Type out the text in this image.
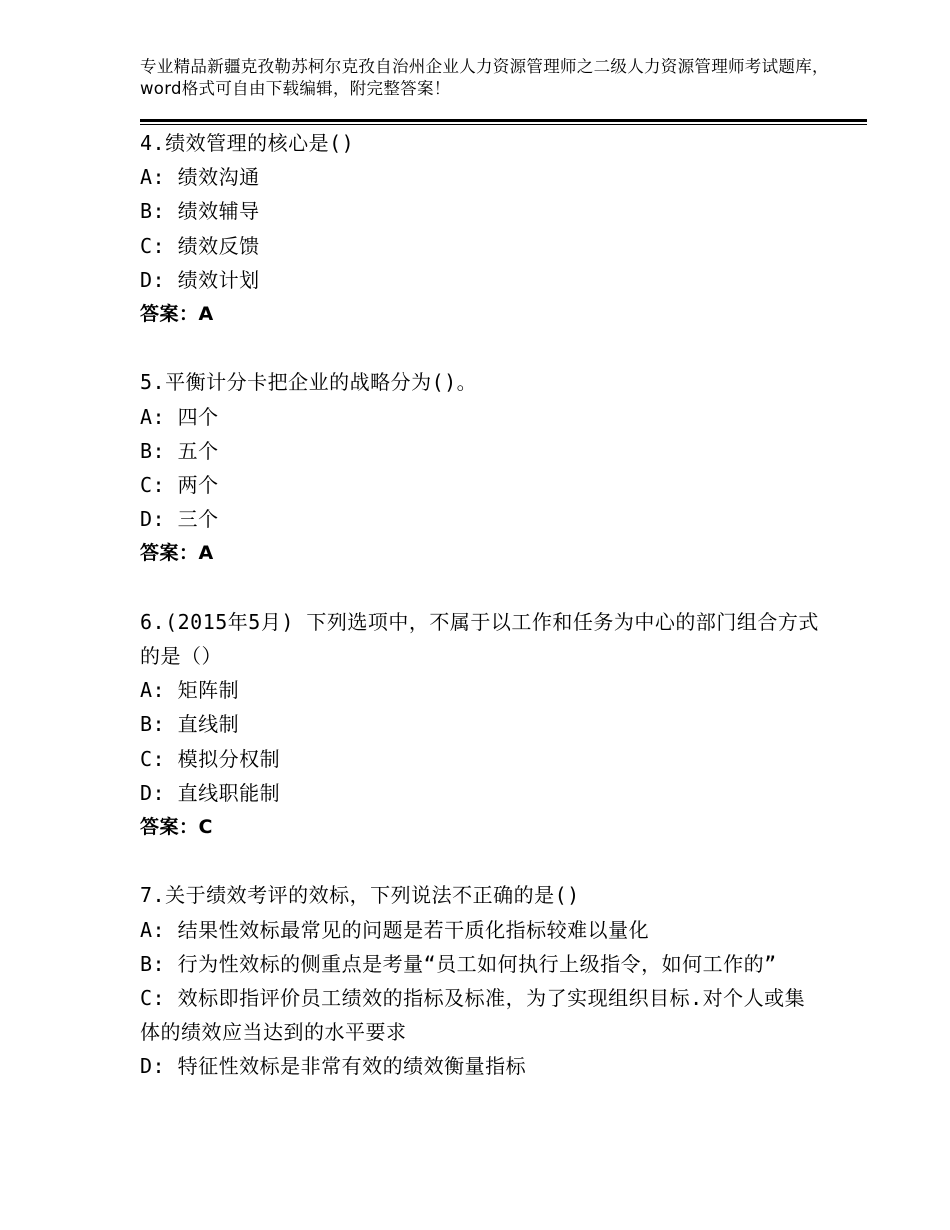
专业精品新疆克孜勒苏柯尔克孜自治州企业人力资源管理师之二级人力资源管理师考试题库，word格式可自由下载编辑，附完整答案！
4.绩效管理的核心是()
A: 绩效沟通
B: 绩效辅导
C: 绩效反馈
D: 绩效计划
答案：A
5.平衡计分卡把企业的战略分为()。
A: 四个
B: 五个
C: 两个
D: 三个
答案：A
6.(2015年5月) 下列选项中，不属于以工作和任务为中心的部门组合方式的是（）
A: 矩阵制
B: 直线制
C: 模拟分权制
D: 直线职能制
答案：C
7.关于绩效考评的效标，下列说法不正确的是()
A: 结果性效标最常见的问题是若干质化指标较难以量化
B: 行为性效标的侧重点是考量“员工如何执行上级指令，如何工作的”
C: 效标即指评价员工绩效的指标及标准，为了实现组织目标.对个人或集体的绩效应当达到的水平要求
D: 特征性效标是非常有效的绩效衡量指标
